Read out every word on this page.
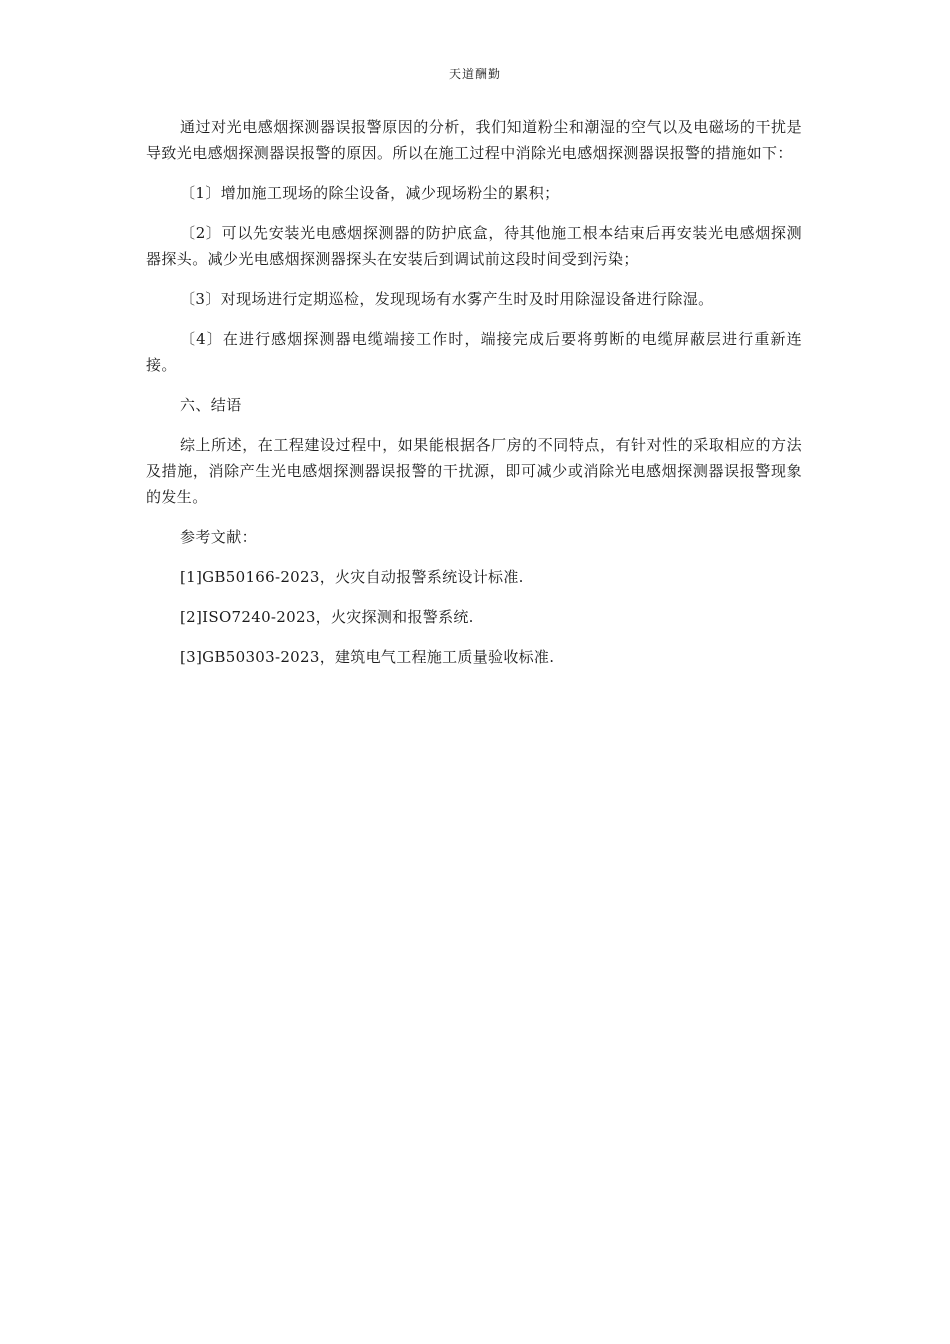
天道酬勤

通过对光电感烟探测器误报警原因的分析，我们知道粉尘和潮湿的空气以及电磁场的干扰是导致光电感烟探测器误报警的原因。所以在施工过程中消除光电感烟探测器误报警的措施如下：

〔1〕增加施工现场的除尘设备，减少现场粉尘的累积；

〔2〕可以先安装光电感烟探测器的防护底盒，待其他施工根本结束后再安装光电感烟探测器探头。减少光电感烟探测器探头在安装后到调试前这段时间受到污染；

〔3〕对现场进行定期巡检，发现现场有水雾产生时及时用除湿设备进行除湿。

〔4〕在进行感烟探测器电缆端接工作时，端接完成后要将剪断的电缆屏蔽层进行重新连接。

六、结语

综上所述，在工程建设过程中，如果能根据各厂房的不同特点，有针对性的采取相应的方法及措施，消除产生光电感烟探测器误报警的干扰源，即可减少或消除光电感烟探测器误报警现象的发生。

参考文献：

[1]GB50166-2023，火灾自动报警系统设计标准.

[2]ISO7240-2023，火灾探测和报警系统.

[3]GB50303-2023，建筑电气工程施工质量验收标准.
